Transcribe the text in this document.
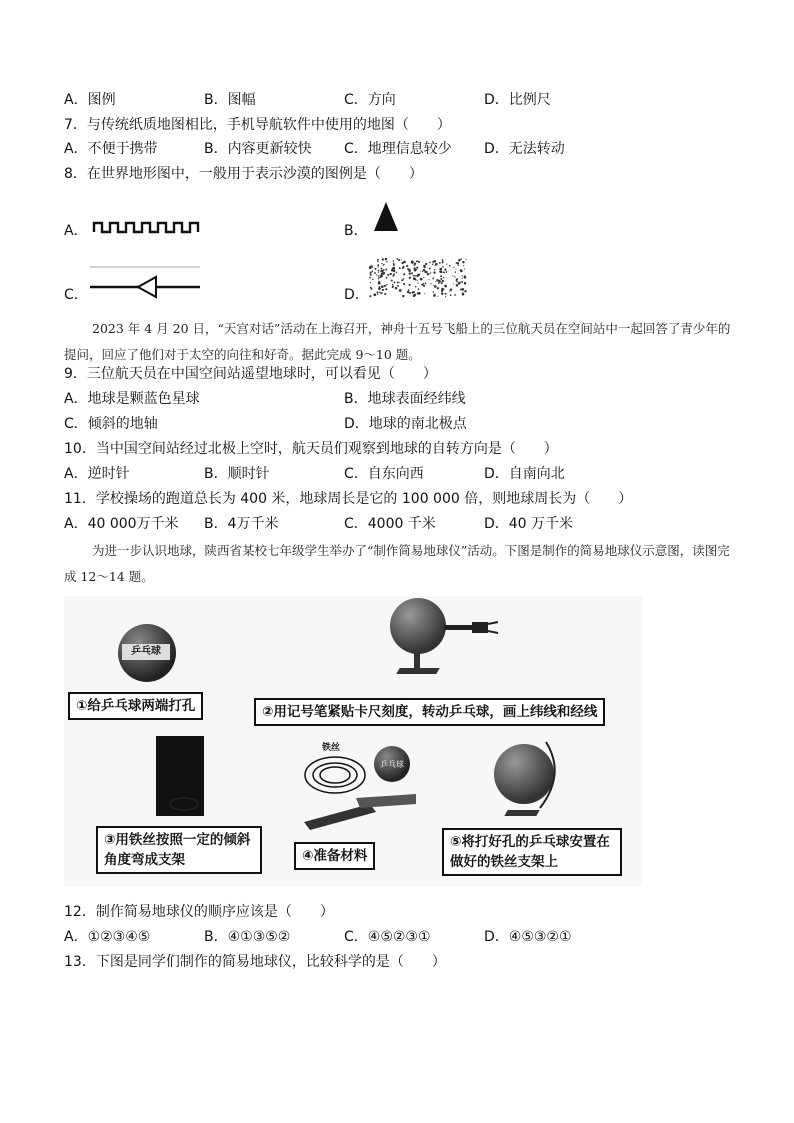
A．图例	B．图幅	C．方向	D．比例尺
7．与传统纸质地图相比，手机导航软件中使用的地图（　　）
A．不便于携带	B．内容更新较快 C．地理信息较少 D．无法转动
8．在世界地形图中，一般用于表示沙漠的图例是（　　）
A．	B．
C．	D．
2023 年 4 月 20 日，“天宫对话”活动在上海召开，神舟十五号飞船上的三位航天员在空间站中一起回答了青少年的提问，回应了他们对于太空的向往和好奇。据此完成 9～10 题。
9．三位航天员在中国空间站遥望地球时，可以看见（　　）
A．地球是颗蓝色星球	B．地球表面经纬线
C．倾斜的地轴	D．地球的南北极点
10．当中国空间站经过北极上空时，航天员们观察到地球的自转方向是（　　）
A．逆时针	B．顺时针	C．自东向西	D．自南向北
11．学校操场的跑道总长为 400 米，地球周长是它的 100 000 倍，则地球周长为（　　）
A．40 000万千米 B．4万千米	C．4000 千米	D．40 万千米
为进一步认识地球，陕西省某校七年级学生举办了“制作简易地球仪”活动。下图是制作的简易地球仪示意图，读图完成 12～14 题。
乒乓球
①给乒乓球两端打孔	②用记号笔紧贴卡尺刻度，转动乒乓球，画上纬线和经线
③用铁丝按照一定的倾斜角度弯成支架
铁丝
乒乓球
④准备材料
⑤将打好孔的乒乓球安置在做好的铁丝支架上
12．制作简易地球仪的顺序应该是（　　）
A．①②③④⑤	B．④①③⑤②	C．④⑤②③①	D．④⑤③②①
13．下图是同学们制作的简易地球仪，比较科学的是（　　）
